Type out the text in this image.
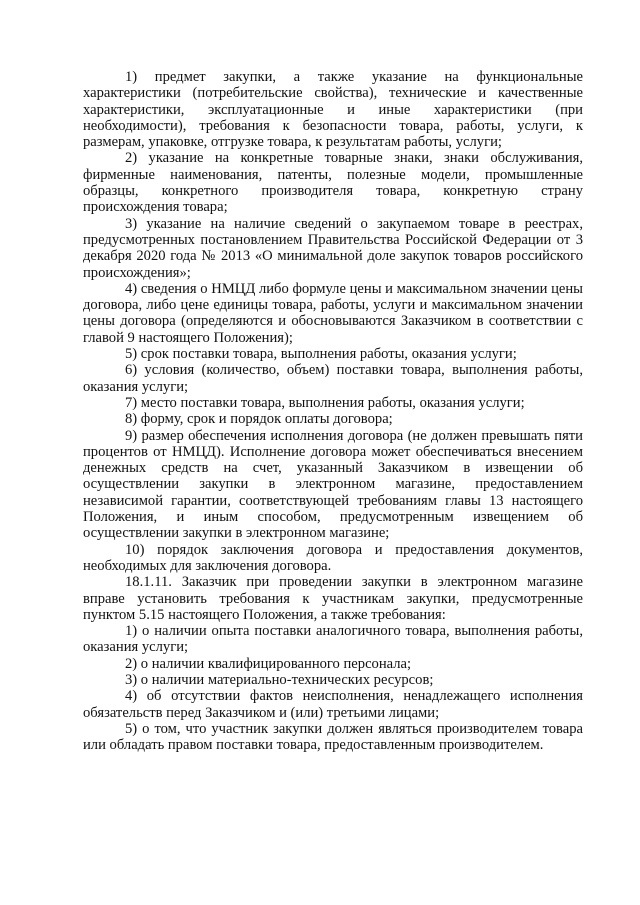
1) предмет закупки, а также указание на функциональные характеристики (потребительские свойства), технические и качественные характеристики, эксплуатационные и иные характеристики (при необходимости), требования к безопасности товара, работы, услуги, к размерам, упаковке, отгрузке товара, к результатам работы, услуги;

2) указание на конкретные товарные знаки, знаки обслуживания, фирменные наименования, патенты, полезные модели, промышленные образцы, конкретного производителя товара, конкретную страну происхождения товара;

3) указание на наличие сведений о закупаемом товаре в реестрах, предусмотренных постановлением Правительства Российской Федерации от 3 декабря 2020 года № 2013 «О минимальной доле закупок товаров российского происхождения»;

4) сведения о НМЦД либо формуле цены и максимальном значении цены договора, либо цене единицы товара, работы, услуги и максимальном значении цены договора (определяются и обосновываются Заказчиком в соответствии с главой 9 настоящего Положения);

5) срок поставки товара, выполнения работы, оказания услуги;

6) условия (количество, объем) поставки товара, выполнения работы, оказания услуги;

7) место поставки товара, выполнения работы, оказания услуги;

8) форму, срок и порядок оплаты договора;

9) размер обеспечения исполнения договора (не должен превышать пяти процентов от НМЦД). Исполнение договора может обеспечиваться внесением денежных средств на счет, указанный Заказчиком в извещении об осуществлении закупки в электронном магазине, предоставлением независимой гарантии, соответствующей требованиям главы 13 настоящего Положения, и иным способом, предусмотренным извещением об осуществлении закупки в электронном магазине;

10) порядок заключения договора и предоставления документов, необходимых для заключения договора.

18.1.11. Заказчик при проведении закупки в электронном магазине вправе установить требования к участникам закупки, предусмотренные пунктом 5.15 настоящего Положения, а также требования:

1) о наличии опыта поставки аналогичного товара, выполнения работы, оказания услуги;

2) о наличии квалифицированного персонала;

3) о наличии материально-технических ресурсов;

4) об отсутствии фактов неисполнения, ненадлежащего исполнения обязательств перед Заказчиком и (или) третьими лицами;

5) о том, что участник закупки должен являться производителем товара или обладать правом поставки товара, предоставленным производителем.
